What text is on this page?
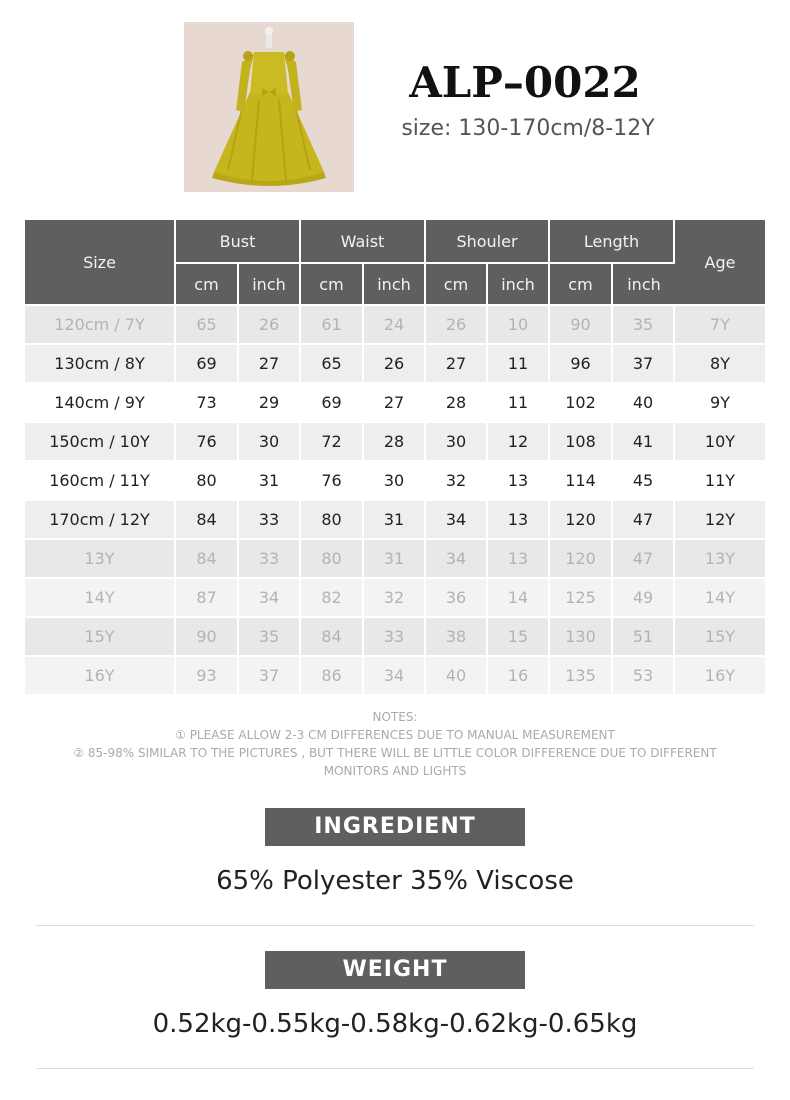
ALP–0022
size: 130-170cm/8-12Y
Size	Bust		Waist		Shouler		Length		Age
	cm	inch	cm	inch	cm	inch	cm	inch	
120cm / 7Y	65	26	61	24	26	10	90	35	7Y
130cm / 8Y	69	27	65	26	27	11	96	37	8Y
140cm / 9Y	73	29	69	27	28	11	102	40	9Y
150cm / 10Y	76	30	72	28	30	12	108	41	10Y
160cm / 11Y	80	31	76	30	32	13	114	45	11Y
170cm / 12Y	84	33	80	31	34	13	120	47	12Y
13Y	84	33	80	31	34	13	120	47	13Y
14Y	87	34	82	32	36	14	125	49	14Y
15Y	90	35	84	33	38	15	130	51	15Y
16Y	93	37	86	34	40	16	135	53	16Y
NOTES:
① PLEASE ALLOW 2-3 CM DIFFERENCES DUE TO MANUAL MEASUREMENT
② 85-98% SIMILAR TO THE PICTURES , BUT THERE WILL BE LITTLE COLOR DIFFERENCE DUE TO DIFFERENT
MONITORS AND LIGHTS
INGREDIENT
65% Polyester 35% Viscose
WEIGHT
0.52kg-0.55kg-0.58kg-0.62kg-0.65kg
